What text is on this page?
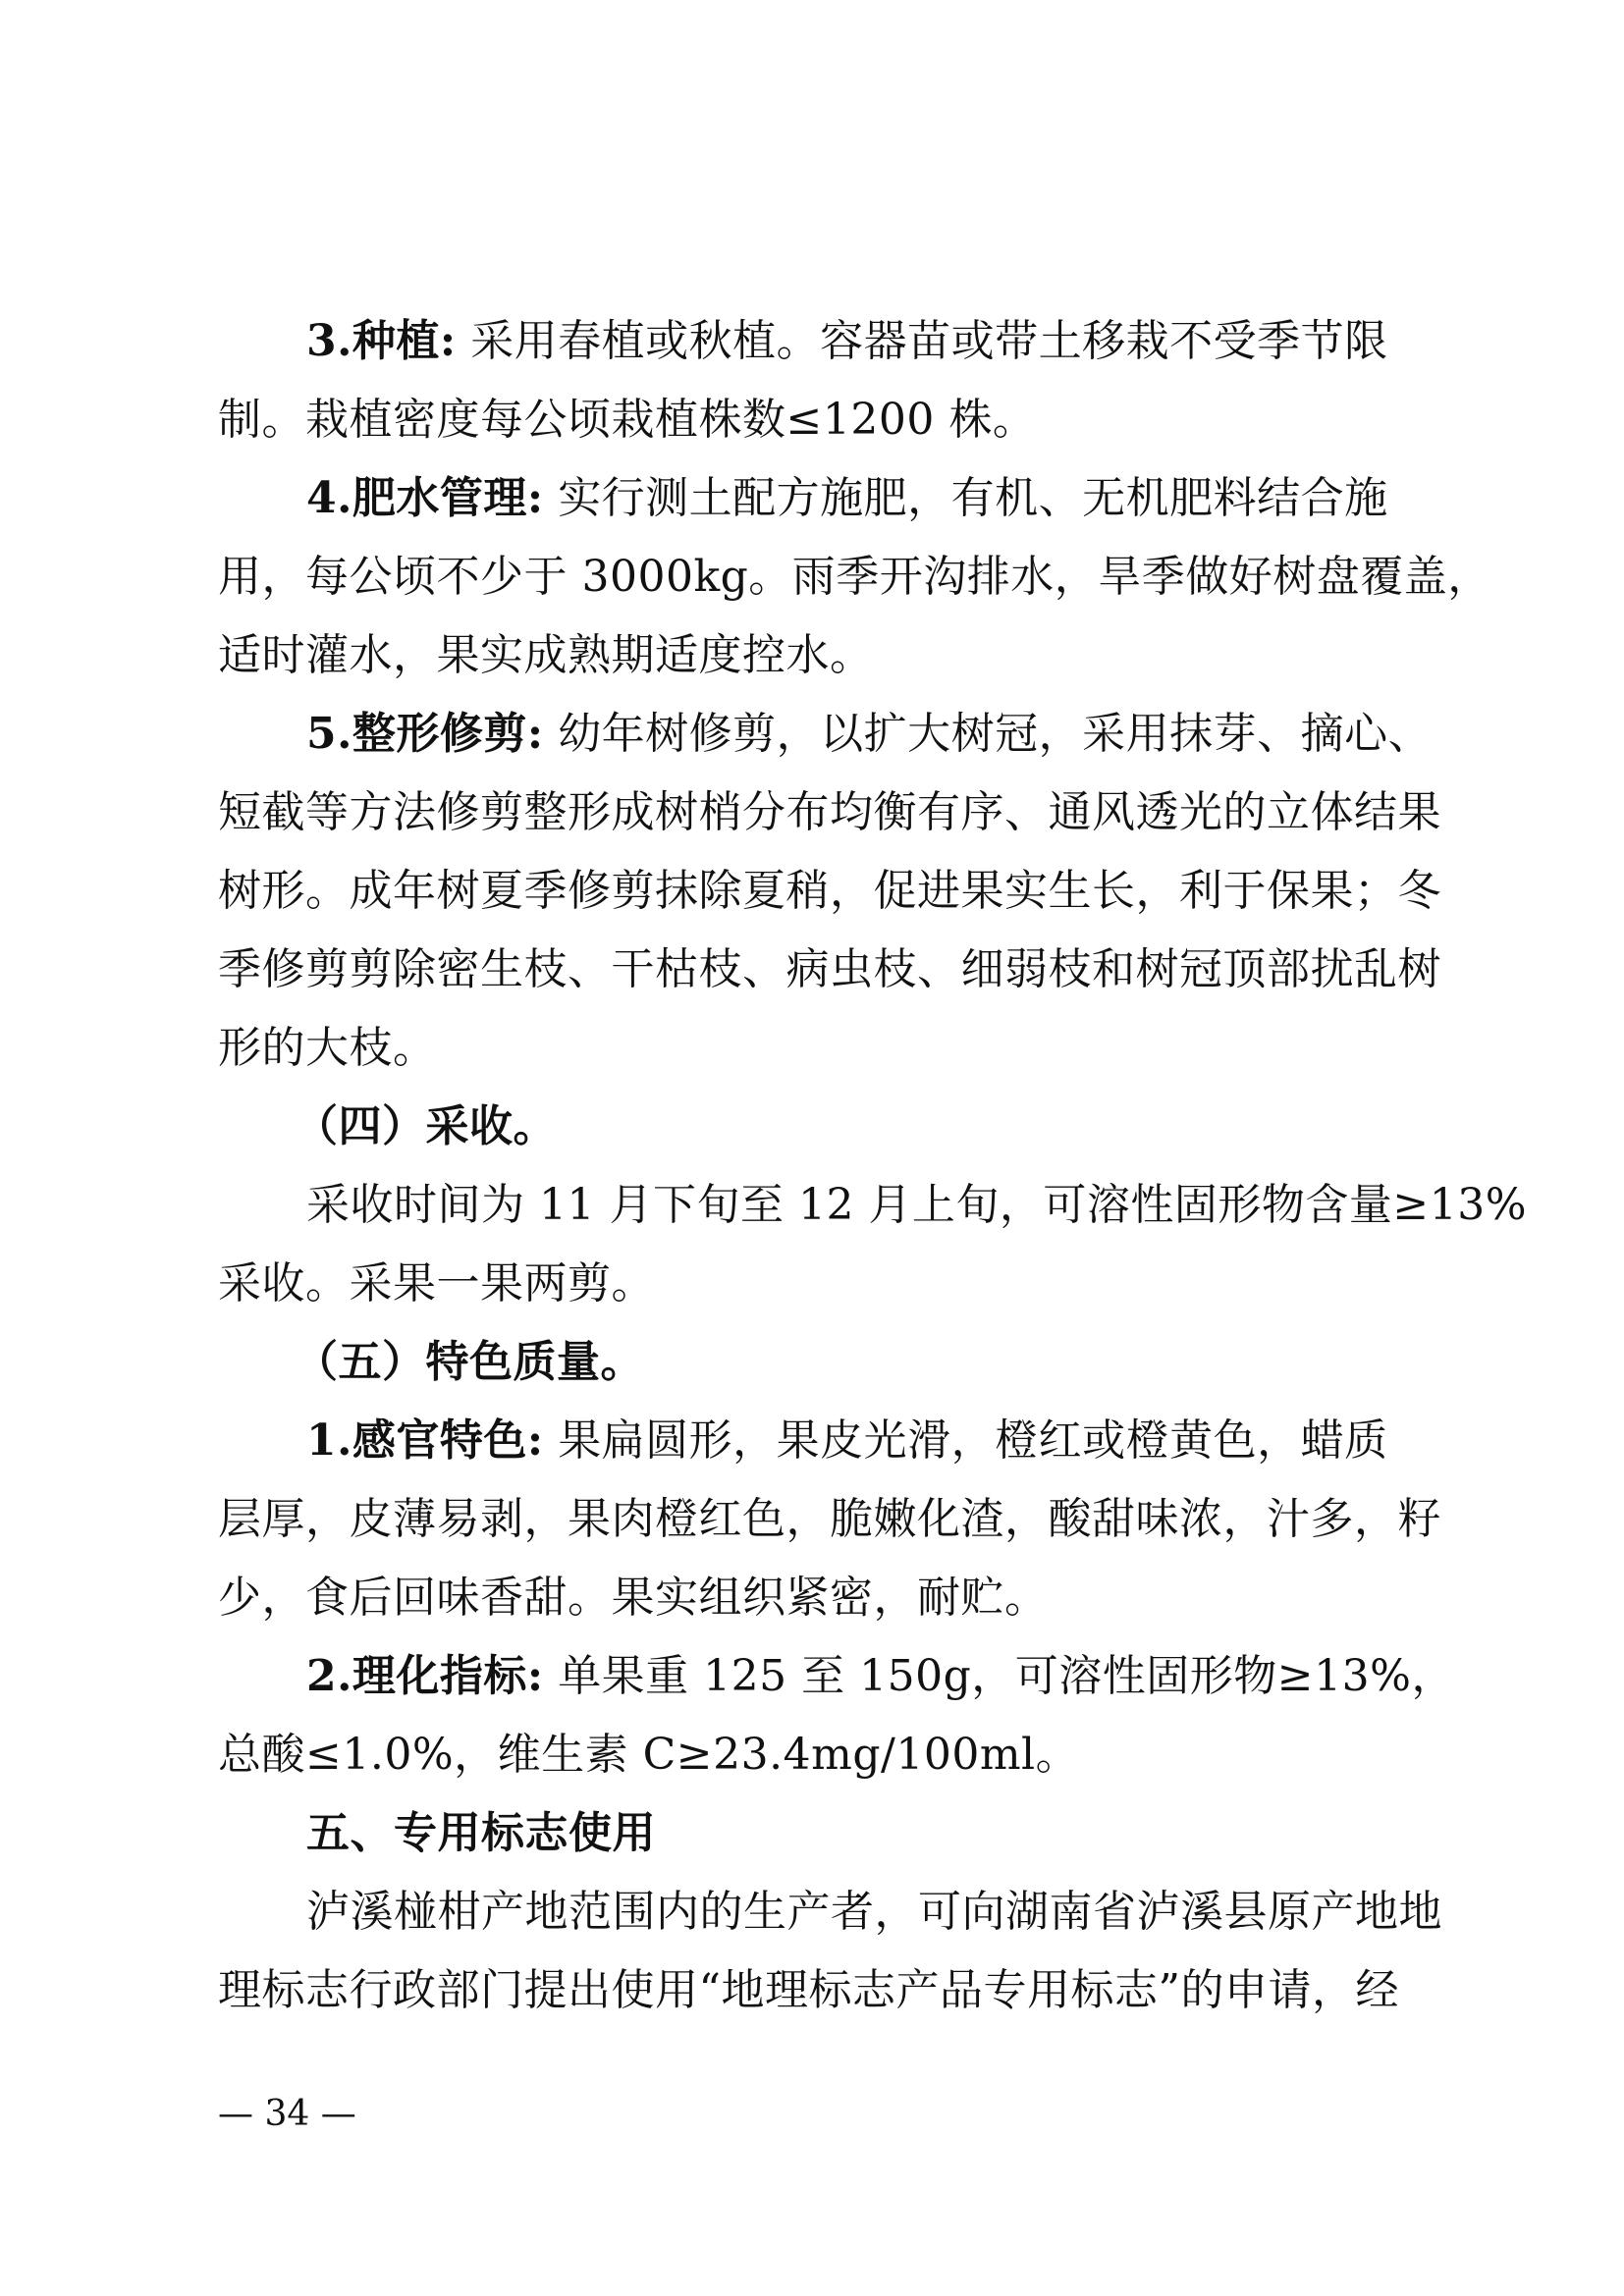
3.种植: 采用春植或秋植。容器苗或带土移栽不受季节限
制。栽植密度每公顷栽植株数≤1200 株。
4.肥水管理: 实行测土配方施肥，有机、无机肥料结合施
用，每公顷不少于 3000kg。雨季开沟排水，旱季做好树盘覆盖，
适时灌水，果实成熟期适度控水。
5.整形修剪: 幼年树修剪，以扩大树冠，采用抹芽、摘心、
短截等方法修剪整形成树梢分布均衡有序、通风透光的立体结果
树形。成年树夏季修剪抹除夏稍，促进果实生长，利于保果；冬
季修剪剪除密生枝、干枯枝、病虫枝、细弱枝和树冠顶部扰乱树
形的大枝。
（四）采收。
采收时间为 11 月下旬至 12 月上旬，可溶性固形物含量≥13%
采收。采果一果两剪。
（五）特色质量。
1.感官特色: 果扁圆形，果皮光滑，橙红或橙黄色，蜡质
层厚，皮薄易剥，果肉橙红色，脆嫩化渣，酸甜味浓，汁多，籽
少，食后回味香甜。果实组织紧密，耐贮。
2.理化指标: 单果重 125 至 150g，可溶性固形物≥13%，
总酸≤1.0%，维生素 C≥23.4mg/100ml。
五、专用标志使用
泸溪椪柑产地范围内的生产者，可向湖南省泸溪县原产地地
理标志行政部门提出使用“地理标志产品专用标志”的申请，经
— 34 —
